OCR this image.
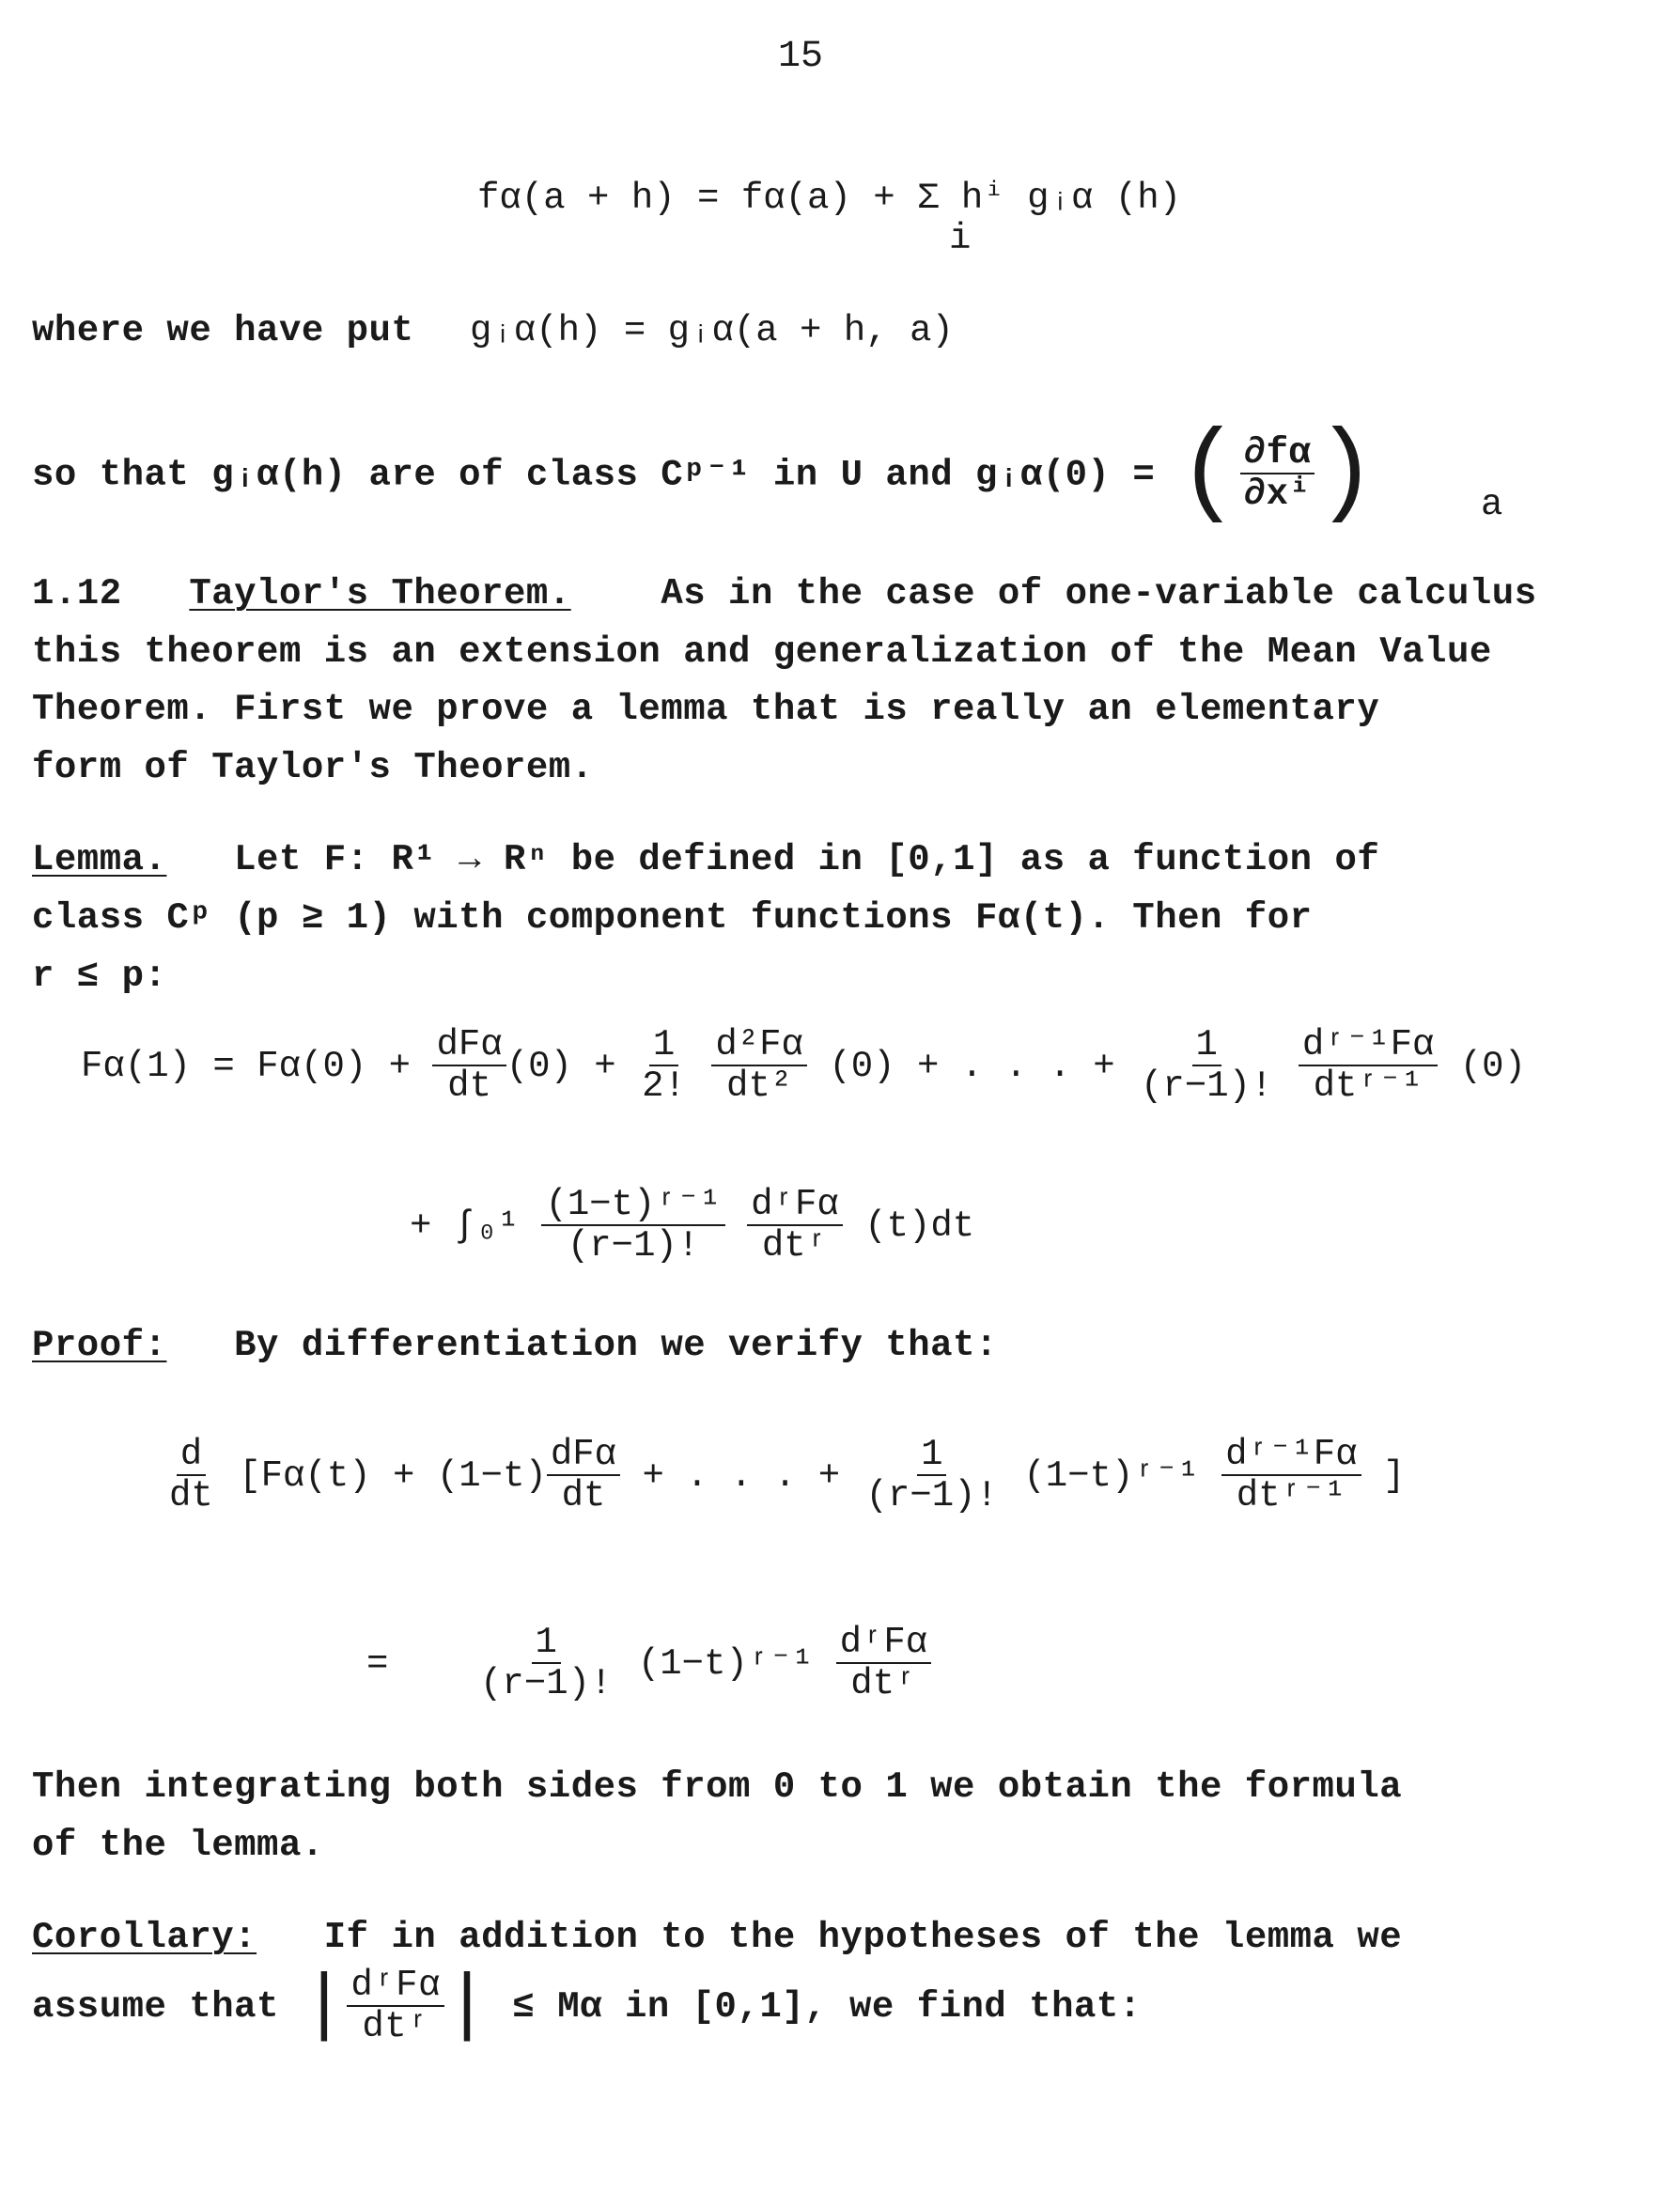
15
fα(a + h) = fα(a) + Σ hⁱ gᵢα (h)
i
where we have put gᵢα(h) = gᵢα(a + h, a)
so that gᵢα(h) are of class Cᵖ⁻¹ in U and gᵢα(0) = ( $\frac{\partial f\alpha}{\text{∂xⁱ}}$ )	a
1.12 Taylor's Theorem. As in the case of one-variable calculus
this theorem is an extension and generalization of the Mean Value
Theorem. First we prove a lemma that is really an elementary
form of Taylor's Theorem.
Lemma. Let F: R¹ → Rⁿ be defined in [0,1] as a function of
class Cᵖ (p ≥ 1) with component functions Fα(t). Then for
r ≤ p:
$F\alpha(1) = F\alpha(0) + \frac{\text{dFα}}{dt} (0) + \frac{1}{2!}$
$\frac{\text{d²Fα}}{\text{dt²}} (0)$ + . . . + $\frac{1}{(r-1)!}$
$\frac{\text{dʳ⁻¹Fα}}{\text{dtʳ⁻¹}} (0)$
+ $\int_0^1 \frac{\text{(1−t)ʳ⁻¹}}{(r-1)!}$
$\frac{\text{dʳFα}}{\text{dtʳ}} (t)dt$
Proof: By differentiation we verify that:
$\frac{d}{dt} [F\alpha(t) + (1-t) \frac{\text{dFα}}{dt}$ + . . . + $\frac{1}{(r-1)!}$ (1−t)ʳ⁻¹ $\frac{\text{dʳ⁻¹Fα}}{\text{dtʳ⁻¹}}$ ]
= $\frac{1}{(r-1)!}$ (1−t)ʳ⁻¹ $\frac{\text{dʳFα}}{\text{dtʳ}}$
Then integrating both sides from 0 to 1 we obtain the formula
of the lemma.
Corollary: If in addition to the hypotheses of the lemma we
assume that | $\frac{\text{dʳFα}}{\text{dtʳ}}$ | ≤ Mα in [0,1], we find that:
